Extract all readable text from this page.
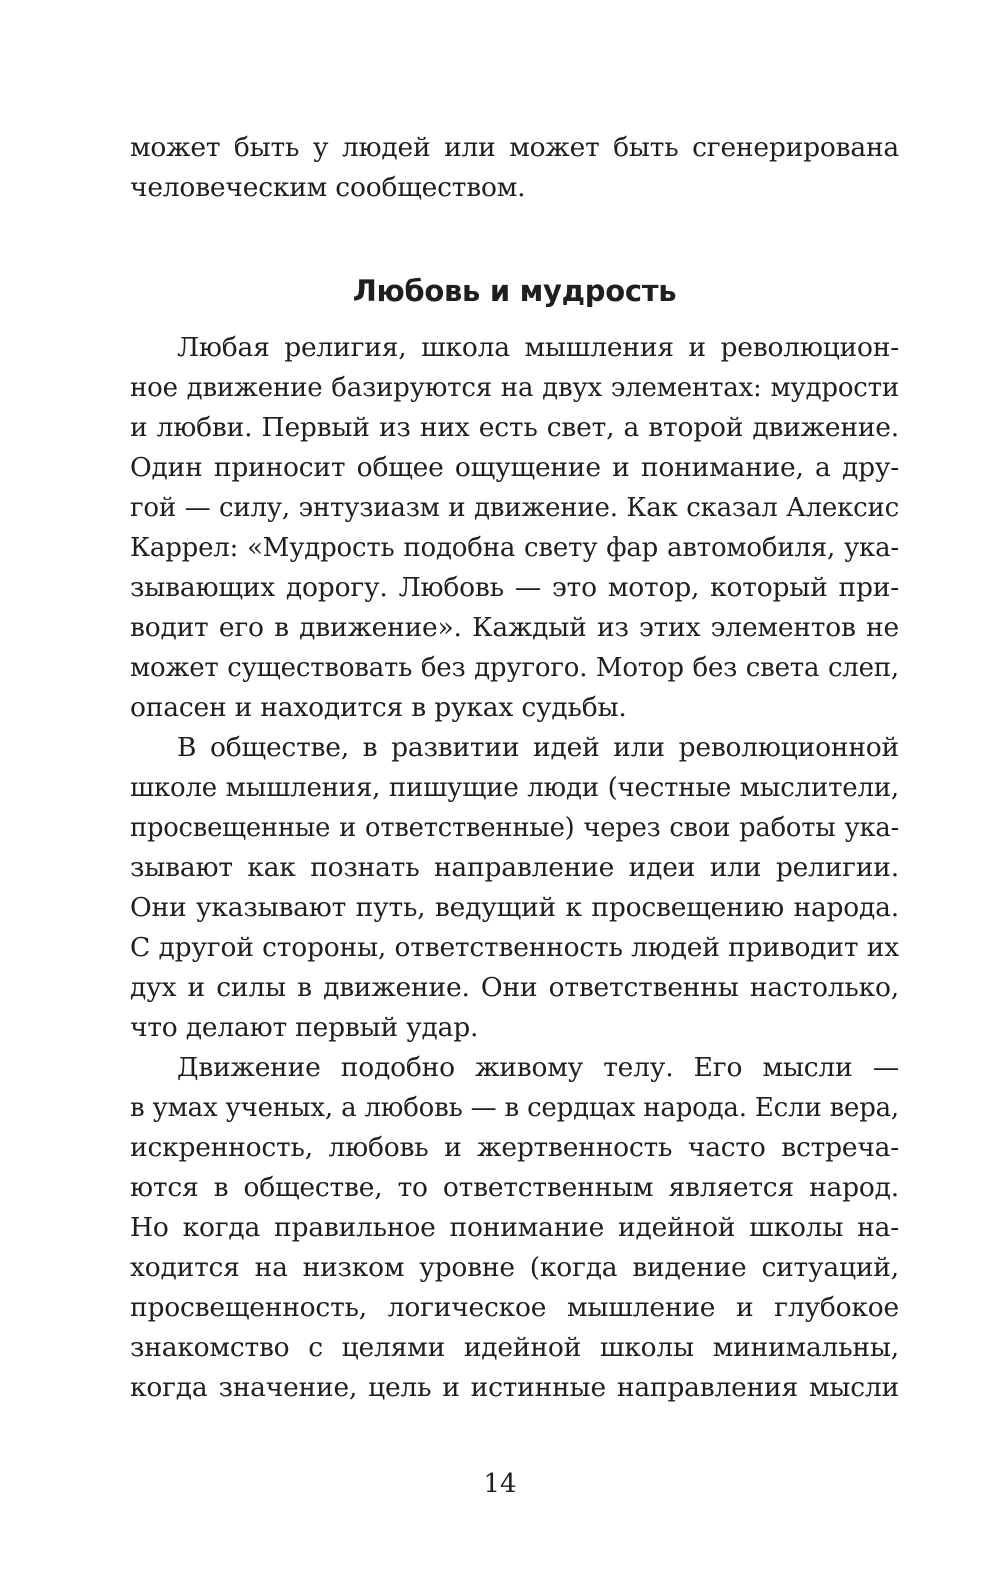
может быть у людей или может быть сгенерирована
человеческим сообществом.
Любовь и мудрость
Любая религия, школа мышления и революцион-
ное движение базируются на двух элементах: мудрости
и любви. Первый из них есть свет, а второй движение.
Один приносит общее ощущение и понимание, а дру-
гой — силу, энтузиазм и движение. Как сказал Алексис
Каррел: «Мудрость подобна свету фар автомобиля, ука-
зывающих дорогу. Любовь — это мотор, который при-
водит его в движение». Каждый из этих элементов не
может существовать без другого. Мотор без света слеп,
опасен и находится в руках судьбы.
В обществе, в развитии идей или революционной
школе мышления, пишущие люди (честные мыслители,
просвещенные и ответственные) через свои работы ука-
зывают как познать направление идеи или религии.
Они указывают путь, ведущий к просвещению народа.
С другой стороны, ответственность людей приводит их
дух и силы в движение. Они ответственны настолько,
что делают первый удар.
Движение подобно живому телу. Его мысли —
в умах ученых, а любовь — в сердцах народа. Если вера,
искренность, любовь и жертвенность часто встреча-
ются в обществе, то ответственным является народ.
Но когда правильное понимание идейной школы на-
ходится на низком уровне (когда видение ситуаций,
просвещенность, логическое мышление и глубокое
знакомство с целями идейной школы минимальны,
когда значение, цель и истинные направления мысли
14
